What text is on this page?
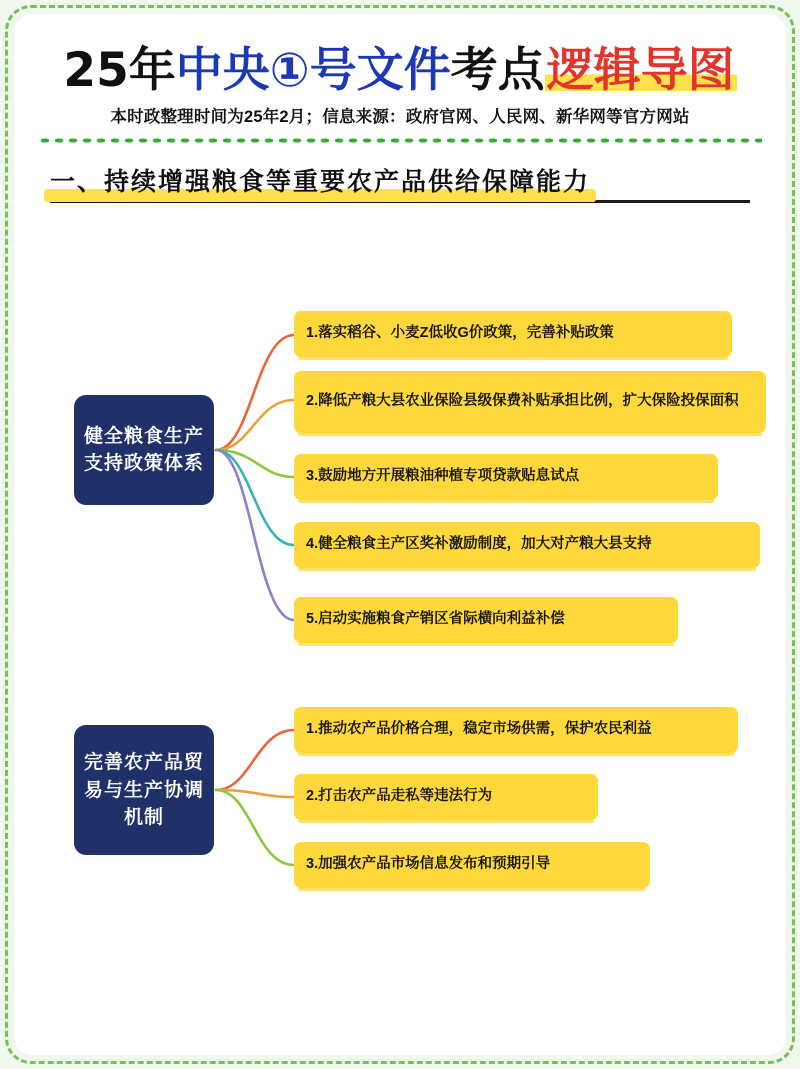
25年 中央①号文件 考点 逻辑导图
本时政整理时间为25年2月；信息来源：政府官网、人民网、新华网等官方网站
一、持续增强粮食等重要农产品供给保障能力
健全粮食生产支持政策体系
1.落实稻谷、小麦Z低收G价政策，完善补贴政策
2.降低产粮大县农业保险县级保费补贴承担比例，扩大保险投保面积
3.鼓励地方开展粮油种植专项贷款贴息试点
4.健全粮食主产区奖补激励制度，加大对产粮大县支持
5.启动实施粮食产销区省际横向利益补偿
完善农产品贸易与生产协调机制
1.推动农产品价格合理，稳定市场供需，保护农民利益
2.打击农产品走私等违法行为
3.加强农产品市场信息发布和预期引导
